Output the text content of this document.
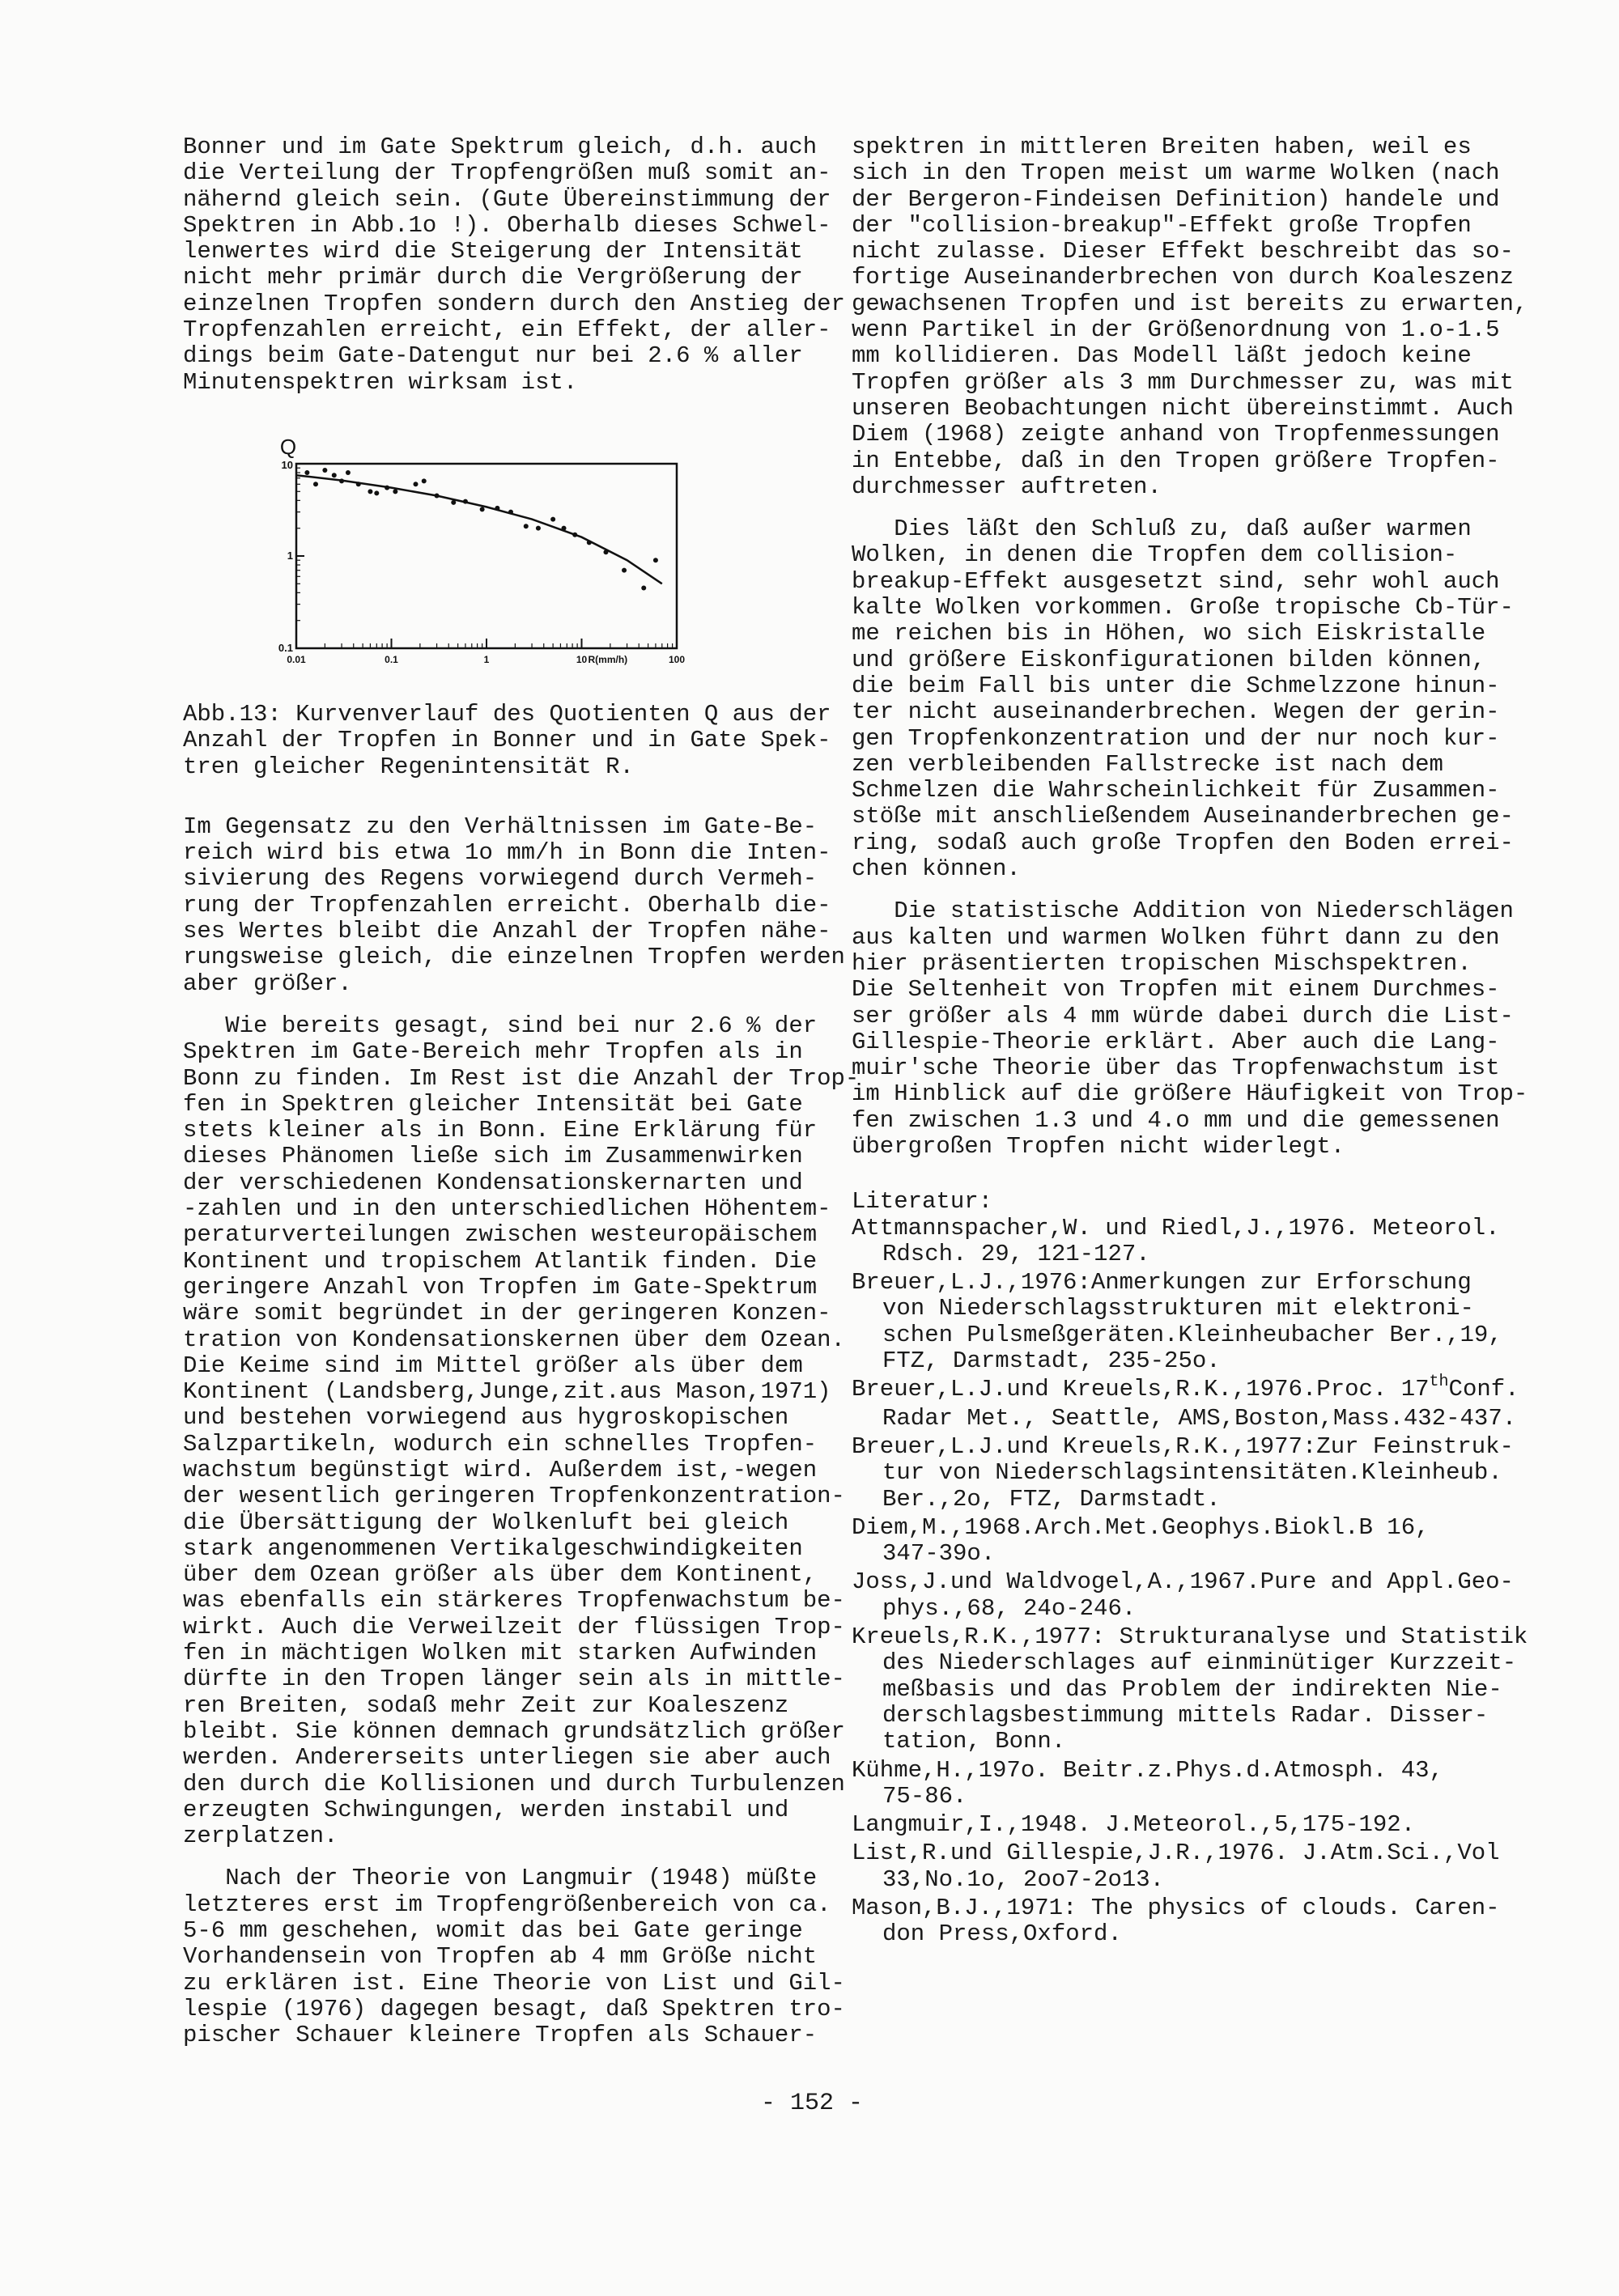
Bonner und im Gate Spektrum gleich, d.h. auch
die Verteilung der Tropfengrößen muß somit an-
nähernd gleich sein. (Gute Übereinstimmung der
Spektren in Abb.1o !). Oberhalb dieses Schwel-
lenwertes wird die Steigerung der Intensität
nicht mehr primär durch die Vergrößerung der
einzelnen Tropfen sondern durch den Anstieg der
Tropfenzahlen erreicht, ein Effekt, der aller-
dings beim Gate-Datengut nur bei 2.6 % aller
Minutenspektren wirksam ist.
Q
10
1
0.1
0.01	0.1	1	10	100
R(mm/h)
Abb.13: Kurvenverlauf des Quotienten Q aus der
Anzahl der Tropfen in Bonner und in Gate Spek-
tren gleicher Regenintensität R.
Im Gegensatz zu den Verhältnissen im Gate-Be-
reich wird bis etwa 1o mm/h in Bonn die Inten-
sivierung des Regens vorwiegend durch Vermeh-
rung der Tropfenzahlen erreicht. Oberhalb die-
ses Wertes bleibt die Anzahl der Tropfen nähe-
rungsweise gleich, die einzelnen Tropfen werden
aber größer.
Wie bereits gesagt, sind bei nur 2.6 % der
Spektren im Gate-Bereich mehr Tropfen als in
Bonn zu finden. Im Rest ist die Anzahl der Trop-
fen in Spektren gleicher Intensität bei Gate
stets kleiner als in Bonn. Eine Erklärung für
dieses Phänomen ließe sich im Zusammenwirken
der verschiedenen Kondensationskernarten und
-zahlen und in den unterschiedlichen Höhentem-
peraturverteilungen zwischen westeuropäischem
Kontinent und tropischem Atlantik finden. Die
geringere Anzahl von Tropfen im Gate-Spektrum
wäre somit begründet in der geringeren Konzen-
tration von Kondensationskernen über dem Ozean.
Die Keime sind im Mittel größer als über dem
Kontinent (Landsberg,Junge,zit.aus Mason,1971)
und bestehen vorwiegend aus hygroskopischen
Salzpartikeln, wodurch ein schnelles Tropfen-
wachstum begünstigt wird. Außerdem ist,-wegen
der wesentlich geringeren Tropfenkonzentration-
die Übersättigung der Wolkenluft bei gleich
stark angenommenen Vertikalgeschwindigkeiten
über dem Ozean größer als über dem Kontinent,
was ebenfalls ein stärkeres Tropfenwachstum be-
wirkt. Auch die Verweilzeit der flüssigen Trop-
fen in mächtigen Wolken mit starken Aufwinden
dürfte in den Tropen länger sein als in mittle-
ren Breiten, sodaß mehr Zeit zur Koaleszenz
bleibt. Sie können demnach grundsätzlich größer
werden. Andererseits unterliegen sie aber auch
den durch die Kollisionen und durch Turbulenzen
erzeugten Schwingungen, werden instabil und
zerplatzen.
Nach der Theorie von Langmuir (1948) müßte
letzteres erst im Tropfengrößenbereich von ca.
5-6 mm geschehen, womit das bei Gate geringe
Vorhandensein von Tropfen ab 4 mm Größe nicht
zu erklären ist. Eine Theorie von List und Gil-
lespie (1976) dagegen besagt, daß Spektren tro-
pischer Schauer kleinere Tropfen als Schauer-
spektren in mittleren Breiten haben, weil es
sich in den Tropen meist um warme Wolken (nach
der Bergeron-Findeisen Definition) handele und
der "collision-breakup"-Effekt große Tropfen
nicht zulasse. Dieser Effekt beschreibt das so-
fortige Auseinanderbrechen von durch Koaleszenz
gewachsenen Tropfen und ist bereits zu erwarten,
wenn Partikel in der Größenordnung von 1.o-1.5
mm kollidieren. Das Modell läßt jedoch keine
Tropfen größer als 3 mm Durchmesser zu, was mit
unseren Beobachtungen nicht übereinstimmt. Auch
Diem (1968) zeigte anhand von Tropfenmessungen
in Entebbe, daß in den Tropen größere Tropfen-
durchmesser auftreten.
Dies läßt den Schluß zu, daß außer warmen
Wolken, in denen die Tropfen dem collision-
breakup-Effekt ausgesetzt sind, sehr wohl auch
kalte Wolken vorkommen. Große tropische Cb-Tür-
me reichen bis in Höhen, wo sich Eiskristalle
und größere Eiskonfigurationen bilden können,
die beim Fall bis unter die Schmelzzone hinun-
ter nicht auseinanderbrechen. Wegen der gerin-
gen Tropfenkonzentration und der nur noch kur-
zen verbleibenden Fallstrecke ist nach dem
Schmelzen die Wahrscheinlichkeit für Zusammen-
stöße mit anschließendem Auseinanderbrechen ge-
ring, sodaß auch große Tropfen den Boden errei-
chen können.
Die statistische Addition von Niederschlägen
aus kalten und warmen Wolken führt dann zu den
hier präsentierten tropischen Mischspektren.
Die Seltenheit von Tropfen mit einem Durchmes-
ser größer als 4 mm würde dabei durch die List-
Gillespie-Theorie erklärt. Aber auch die Lang-
muir'sche Theorie über das Tropfenwachstum ist
im Hinblick auf die größere Häufigkeit von Trop-
fen zwischen 1.3 und 4.o mm und die gemessenen
übergroßen Tropfen nicht widerlegt.
Literatur:
Attmannspacher,W. und Riedl,J.,1976. Meteorol.
Rdsch. 29, 121-127.
Breuer,L.J.,1976:Anmerkungen zur Erforschung
von Niederschlagsstrukturen mit elektroni-
schen Pulsmeßgeräten.Kleinheubacher Ber.,19,
FTZ, Darmstadt, 235-25o.
Breuer,L.J.und Kreuels,R.K.,1976.Proc. 17thConf.
Radar Met., Seattle, AMS,Boston,Mass.432-437.
Breuer,L.J.und Kreuels,R.K.,1977:Zur Feinstruk-
tur von Niederschlagsintensitäten.Kleinheub.
Ber.,2o, FTZ, Darmstadt.
Diem,M.,1968.Arch.Met.Geophys.Biokl.B 16,
347-39o.
Joss,J.und Waldvogel,A.,1967.Pure and Appl.Geo-
phys.,68, 24o-246.
Kreuels,R.K.,1977: Strukturanalyse und Statistik
des Niederschlages auf einminütiger Kurzzeit-
meßbasis und das Problem der indirekten Nie-
derschlagsbestimmung mittels Radar. Disser-
tation, Bonn.
Kühme,H.,197o. Beitr.z.Phys.d.Atmosph. 43,
75-86.
Langmuir,I.,1948. J.Meteorol.,5,175-192.
List,R.und Gillespie,J.R.,1976. J.Atm.Sci.,Vol
33,No.1o, 2oo7-2o13.
Mason,B.J.,1971: The physics of clouds. Caren-
don Press,Oxford.
- 152 -
